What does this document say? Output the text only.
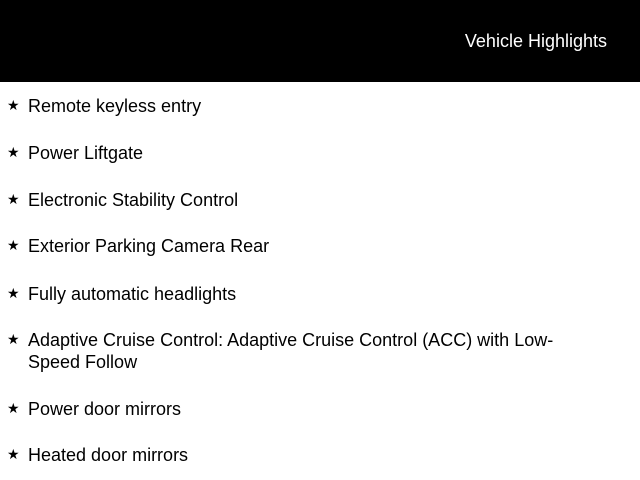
Vehicle Highlights
★ Remote keyless entry
★ Power Liftgate
★ Electronic Stability Control
★ Exterior Parking Camera Rear
★ Fully automatic headlights
★ Adaptive Cruise Control: Adaptive Cruise Control (ACC) with Low-Speed Follow
★ Power door mirrors
★ Heated door mirrors
